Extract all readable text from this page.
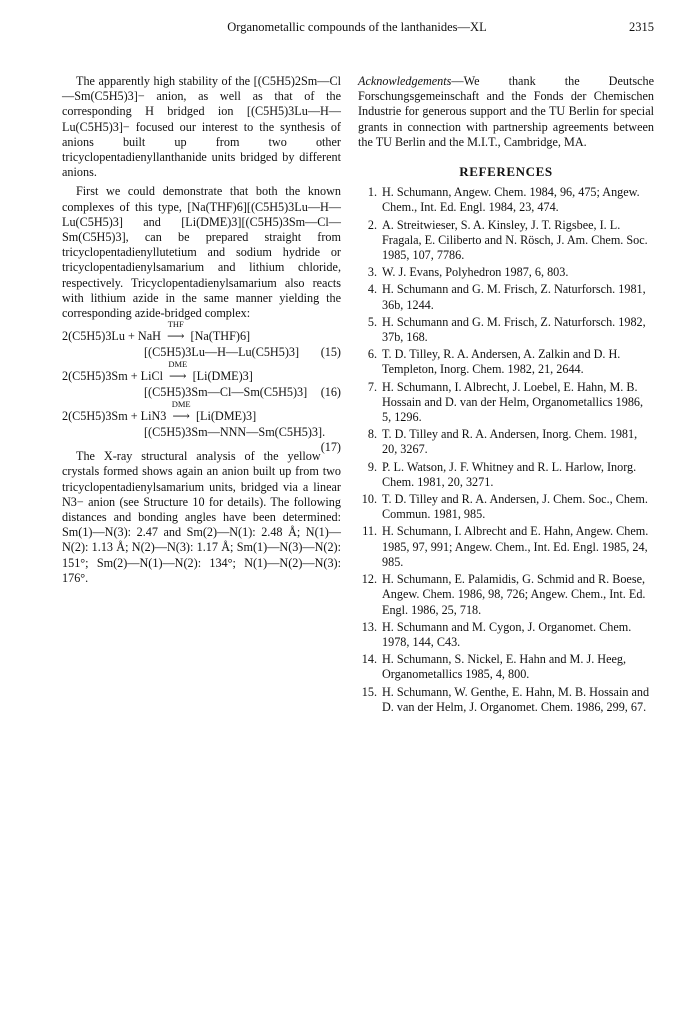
Organometallic compounds of the lanthanides—XL	2315

The apparently high stability of the [(C5H5)2Sm—Cl—Sm(C5H5)3]− anion, as well as that of the corresponding H bridged ion [(C5H5)3Lu—H—Lu(C5H5)3]− focused our interest to the synthesis of anions built up from two other tricyclopentadienyllanthanide units bridged by different anions.

First we could demonstrate that both the known complexes of this type, [Na(THF)6][(C5H5)3Lu—H—Lu(C5H5)3] and [Li(DME)3][(C5H5)3Sm—Cl—Sm(C5H5)3], can be prepared straight from tricyclopentadienyllutetium and sodium hydride or tricyclopentadienylsamarium and lithium chloride, respectively. Tricyclopentadienylsamarium also reacts with lithium azide in the same manner yielding the corresponding azide-bridged complex:

2(C5H5)3Lu + NaH
THF
⟶ [Na(THF)6]
[(C5H5)3Lu—H—Lu(C5H5)3] (15)
2(C5H5)3Sm + LiCl
DME
⟶ [Li(DME)3]
[(C5H5)3Sm—Cl—Sm(C5H5)3] (16)
2(C5H5)3Sm + LiN3
DME
⟶ [Li(DME)3]
[(C5H5)3Sm—NNN—Sm(C5H5)3].
(17)

The X-ray structural analysis of the yellow crystals formed shows again an anion built up from two tricyclopentadienylsamarium units, bridged via a linear N3− anion (see Structure 10 for details). The following distances and bonding angles have been determined: Sm(1)—N(3): 2.47 and Sm(2)—N(1): 2.48 Å; N(1)—N(2): 1.13 Å; N(2)—N(3): 1.17 Å; Sm(1)—N(3)—N(2): 151°; Sm(2)—N(1)—N(2): 134°; N(1)—N(2)—N(3): 176°.

Acknowledgements—We thank the Deutsche Forschungsgemeinschaft and the Fonds der Chemischen Industrie for generous support and the TU Berlin for special grants in connection with partnership agreements between the TU Berlin and the M.I.T., Cambridge, MA.

REFERENCES
1. H. Schumann, Angew. Chem. 1984, 96, 475; Angew. Chem., Int. Ed. Engl. 1984, 23, 474.
2. A. Streitwieser, S. A. Kinsley, J. T. Rigsbee, I. L. Fragala, E. Ciliberto and N. Rösch, J. Am. Chem. Soc. 1985, 107, 7786.
3. W. J. Evans, Polyhedron 1987, 6, 803.
4. H. Schumann and G. M. Frisch, Z. Naturforsch. 1981, 36b, 1244.
5. H. Schumann and G. M. Frisch, Z. Naturforsch. 1982, 37b, 168.
6. T. D. Tilley, R. A. Andersen, A. Zalkin and D. H. Templeton, Inorg. Chem. 1982, 21, 2644.
7. H. Schumann, I. Albrecht, J. Loebel, E. Hahn, M. B. Hossain and D. van der Helm, Organometallics 1986, 5, 1296.
8. T. D. Tilley and R. A. Andersen, Inorg. Chem. 1981, 20, 3267.
9. P. L. Watson, J. F. Whitney and R. L. Harlow, Inorg. Chem. 1981, 20, 3271.
10. T. D. Tilley and R. A. Andersen, J. Chem. Soc., Chem. Commun. 1981, 985.
11. H. Schumann, I. Albrecht and E. Hahn, Angew. Chem. 1985, 97, 991; Angew. Chem., Int. Ed. Engl. 1985, 24, 985.
12. H. Schumann, E. Palamidis, G. Schmid and R. Boese, Angew. Chem. 1986, 98, 726; Angew. Chem., Int. Ed. Engl. 1986, 25, 718.
13. H. Schumann and M. Cygon, J. Organomet. Chem. 1978, 144, C43.
14. H. Schumann, S. Nickel, E. Hahn and M. J. Heeg, Organometallics 1985, 4, 800.
15. H. Schumann, W. Genthe, E. Hahn, M. B. Hossain and D. van der Helm, J. Organomet. Chem. 1986, 299, 67.
